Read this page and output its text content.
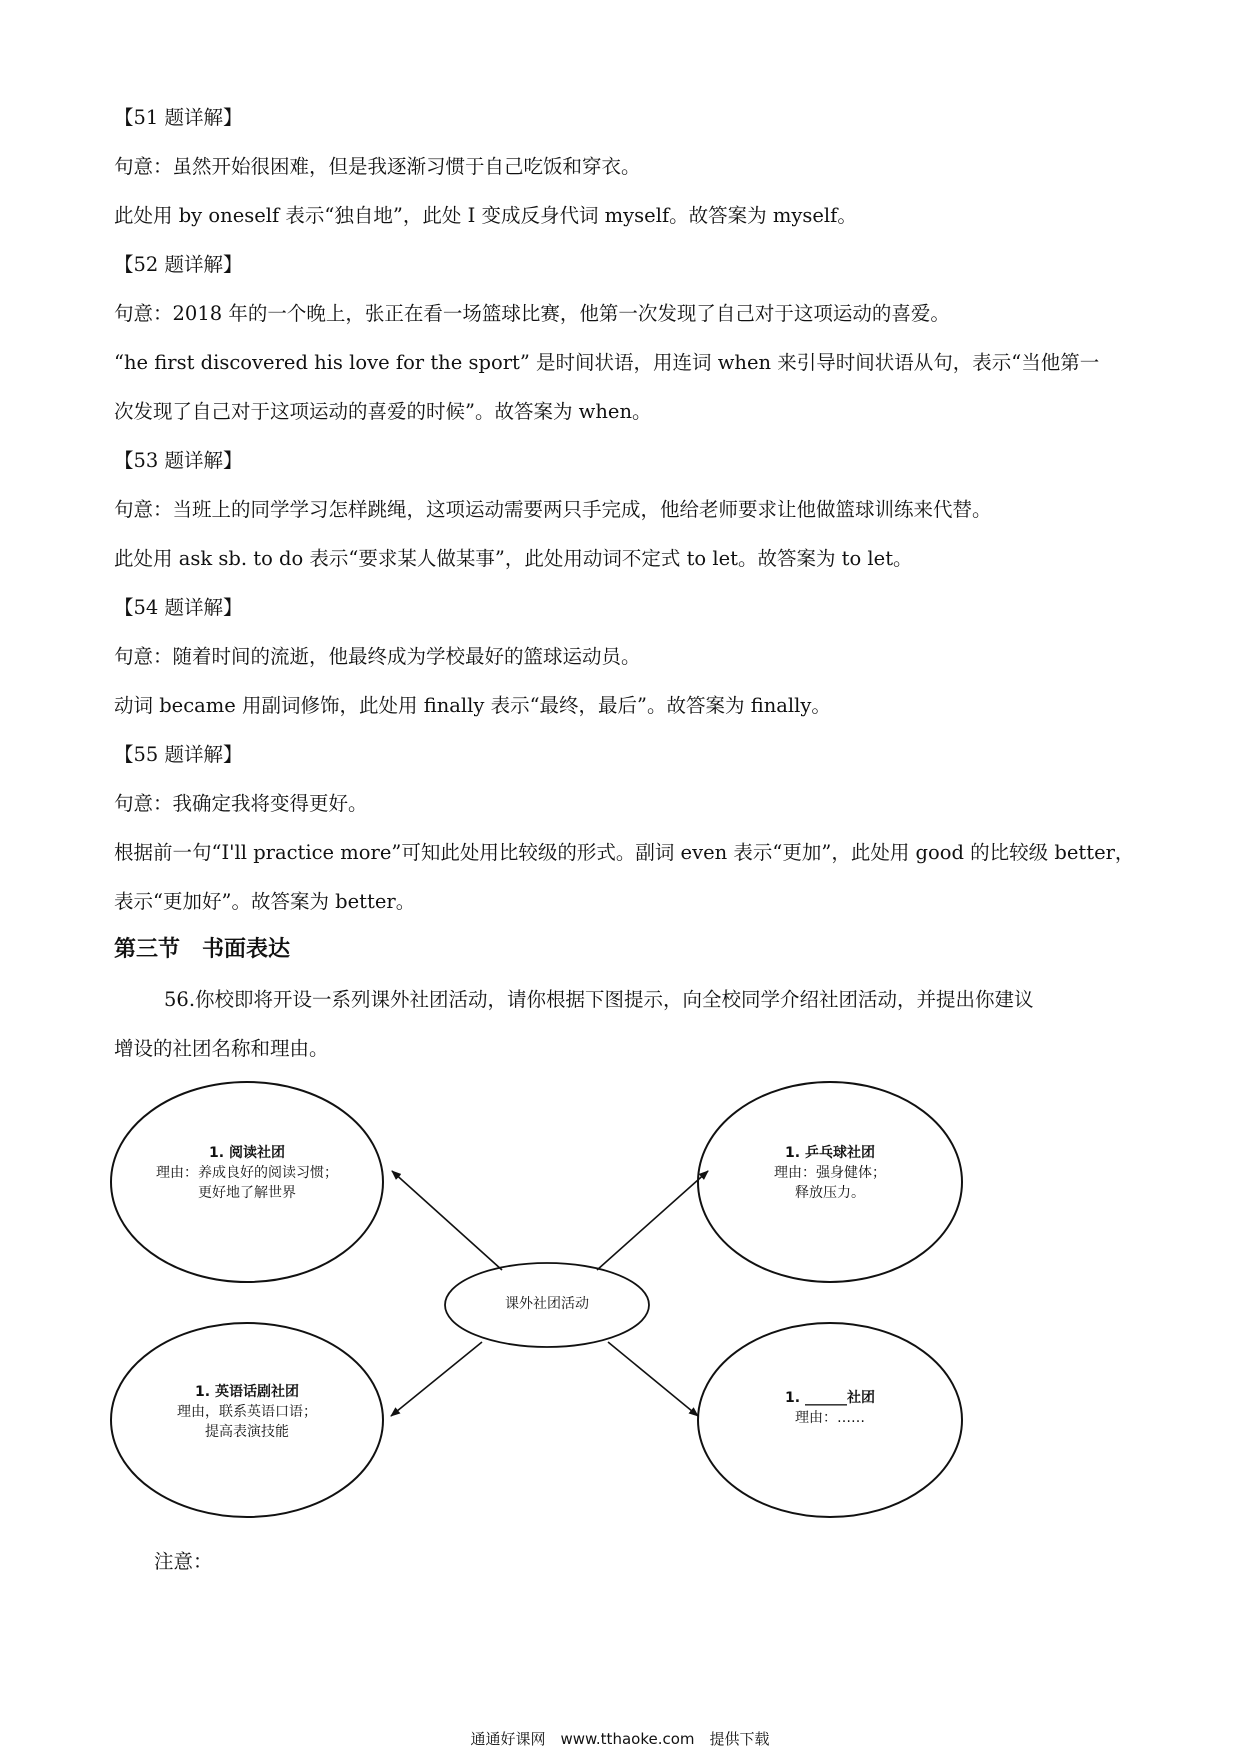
【51 题详解】
句意：虽然开始很困难，但是我逐渐习惯于自己吃饭和穿衣。
此处用 by oneself 表示“独自地”，此处 I 变成反身代词 myself。故答案为 myself。
【52 题详解】
句意：2018 年的一个晚上，张正在看一场篮球比赛，他第一次发现了自己对于这项运动的喜爱。
“he first discovered his love for the sport” 是时间状语，用连词 when 来引导时间状语从句，表示“当他第一
次发现了自己对于这项运动的喜爱的时候”。故答案为 when。
【53 题详解】
句意：当班上的同学学习怎样跳绳，这项运动需要两只手完成，他给老师要求让他做篮球训练来代替。
此处用 ask sb. to do 表示“要求某人做某事”，此处用动词不定式 to let。故答案为 to let。
【54 题详解】
句意：随着时间的流逝，他最终成为学校最好的篮球运动员。
动词 became 用副词修饰，此处用 finally 表示“最终，最后”。故答案为 finally。
【55 题详解】
句意：我确定我将变得更好。
根据前一句“I'll practice more”可知此处用比较级的形式。副词 even 表示“更加”，此处用 good 的比较级 better，
表示“更加好”。故答案为 better。
第三节　书面表达
56.你校即将开设一系列课外社团活动，请你根据下图提示，向全校同学介绍社团活动，并提出你建议
增设的社团名称和理由。
1. 阅读社团
理由：养成良好的阅读习惯；
更好地了解世界
1. 乒乓球社团
理由：强身健体；
释放压力。
课外社团活动
1. 英语话剧社团
理由，联系英语口语；
提高表演技能
1. ______社团
理由：……
注意：
通通好课网　www.tthaoke.com　提供下载
